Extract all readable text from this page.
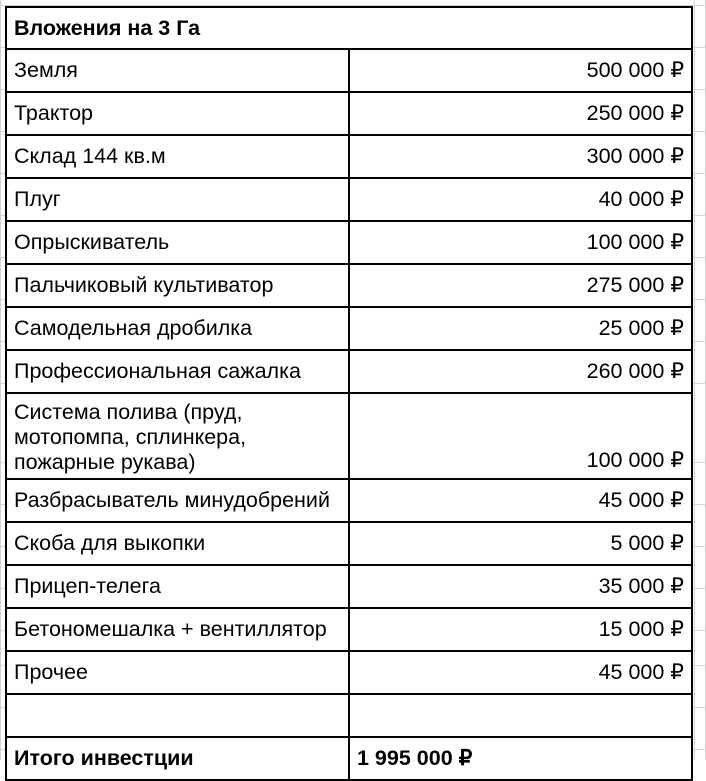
Вложения на 3 Га	
Земля	500 000 ₽
Трактор	250 000 ₽
Склад 144 кв.м	300 000 ₽
Плуг	40 000 ₽
Опрыскиватель	100 000 ₽
Пальчиковый культиватор	275 000 ₽
Самодельная дробилка	25 000 ₽
Профессиональная сажалка	260 000 ₽
Система полива (пруд, мотопомпа, сплинкера, пожарные рукава)	100 000 ₽
Разбрасыватель минудобрений	45 000 ₽
Скоба для выкопки	5 000 ₽
Прицеп-телега	35 000 ₽
Бетономешалка + вентиллятор	15 000 ₽
Прочее	45 000 ₽

Итого инвестции	1 995 000 ₽
